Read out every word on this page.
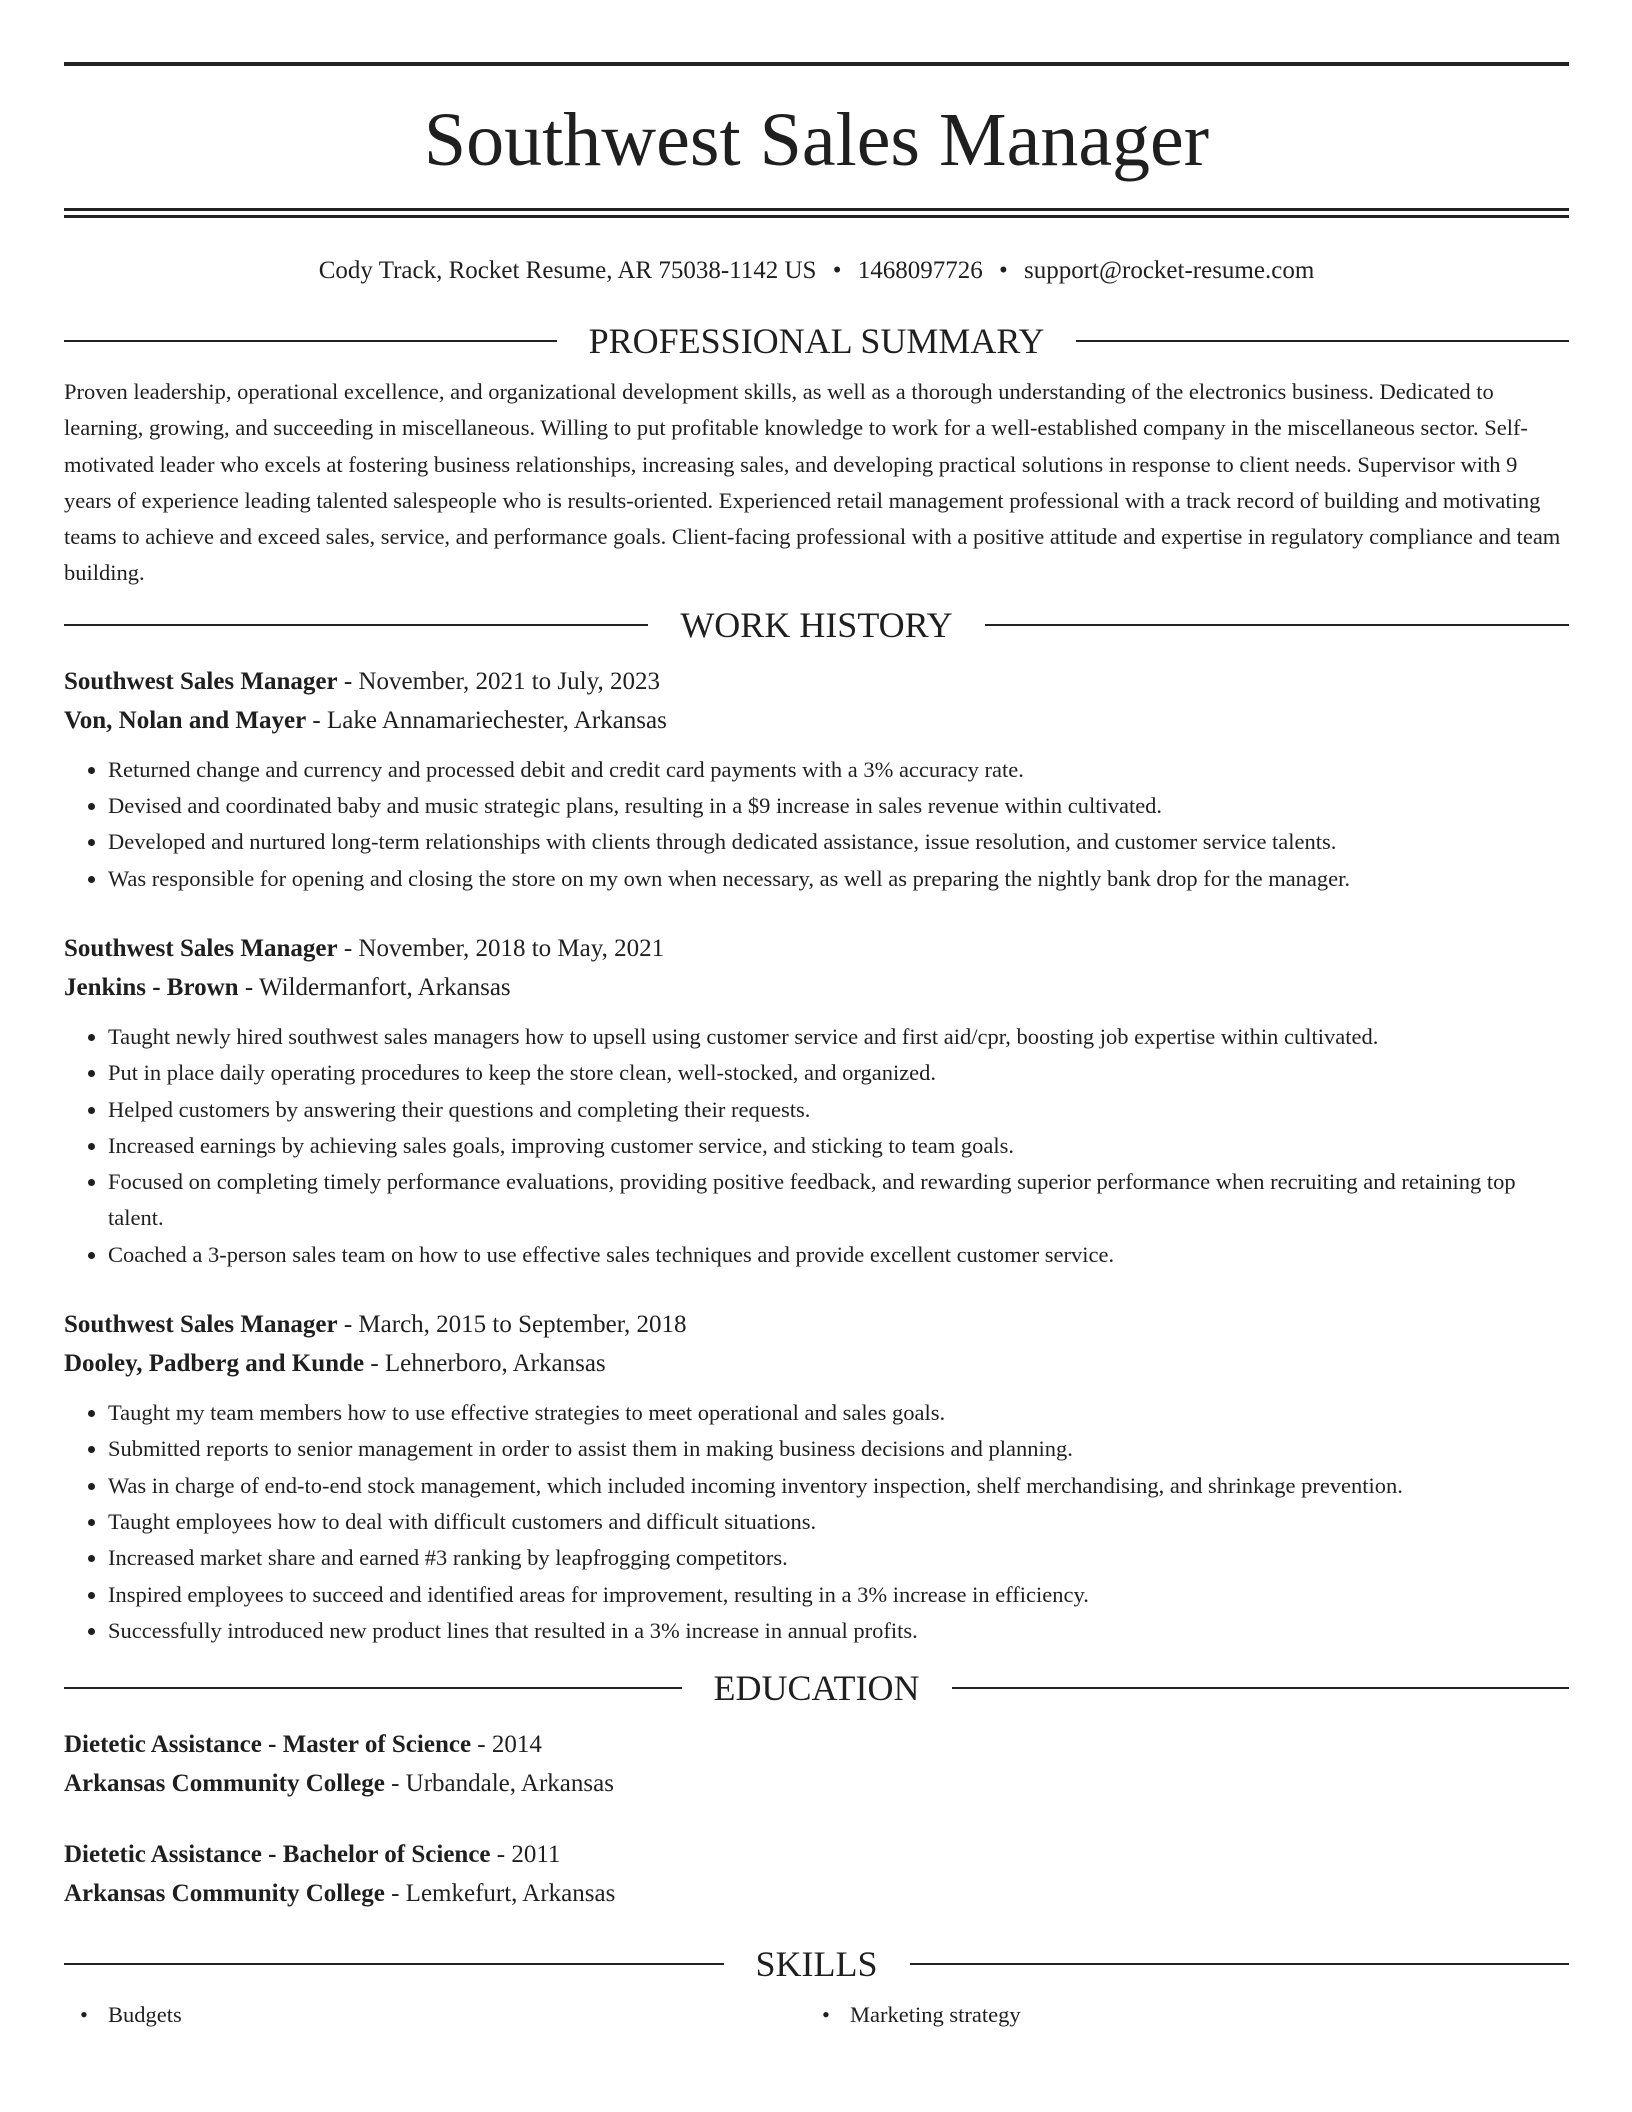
Southwest Sales Manager
Cody Track, Rocket Resume, AR 75038-1142 US • 1468097726 • support@rocket-resume.com
PROFESSIONAL SUMMARY

Proven leadership, operational excellence, and organizational development skills, as well as a thorough understanding of the electronics business. Dedicated to learning, growing, and succeeding in miscellaneous. Willing to put profitable knowledge to work for a well-established company in the miscellaneous sector. Self-motivated leader who excels at fostering business relationships, increasing sales, and developing practical solutions in response to client needs. Supervisor with 9 years of experience leading talented salespeople who is results-oriented. Experienced retail management professional with a track record of building and motivating teams to achieve and exceed sales, service, and performance goals. Client-facing professional with a positive attitude and expertise in regulatory compliance and team building.

WORK HISTORY
Southwest Sales Manager - November, 2021 to July, 2023
Von, Nolan and Mayer - Lake Annamariechester, Arkansas
• Returned change and currency and processed debit and credit card payments with a 3% accuracy rate.
• Devised and coordinated baby and music strategic plans, resulting in a $9 increase in sales revenue within cultivated.
• Developed and nurtured long-term relationships with clients through dedicated assistance, issue resolution, and customer service talents.
• Was responsible for opening and closing the store on my own when necessary, as well as preparing the nightly bank drop for the manager.
Southwest Sales Manager - November, 2018 to May, 2021
Jenkins - Brown - Wildermanfort, Arkansas
• Taught newly hired southwest sales managers how to upsell using customer service and first aid/cpr, boosting job expertise within cultivated.
• Put in place daily operating procedures to keep the store clean, well-stocked, and organized.
• Helped customers by answering their questions and completing their requests.
• Increased earnings by achieving sales goals, improving customer service, and sticking to team goals.
• Focused on completing timely performance evaluations, providing positive feedback, and rewarding superior performance when recruiting and retaining top talent.
• Coached a 3-person sales team on how to use effective sales techniques and provide excellent customer service.
Southwest Sales Manager - March, 2015 to September, 2018
Dooley, Padberg and Kunde - Lehnerboro, Arkansas
• Taught my team members how to use effective strategies to meet operational and sales goals.
• Submitted reports to senior management in order to assist them in making business decisions and planning.
• Was in charge of end-to-end stock management, which included incoming inventory inspection, shelf merchandising, and shrinkage prevention.
• Taught employees how to deal with difficult customers and difficult situations.
• Increased market share and earned #3 ranking by leapfrogging competitors.
• Inspired employees to succeed and identified areas for improvement, resulting in a 3% increase in efficiency.
• Successfully introduced new product lines that resulted in a 3% increase in annual profits.
EDUCATION
Dietetic Assistance - Master of Science - 2014
Arkansas Community College - Urbandale, Arkansas
Dietetic Assistance - Bachelor of Science - 2011
Arkansas Community College - Lemkefurt, Arkansas
SKILLS
• Budgets
•	Marketing strategy
